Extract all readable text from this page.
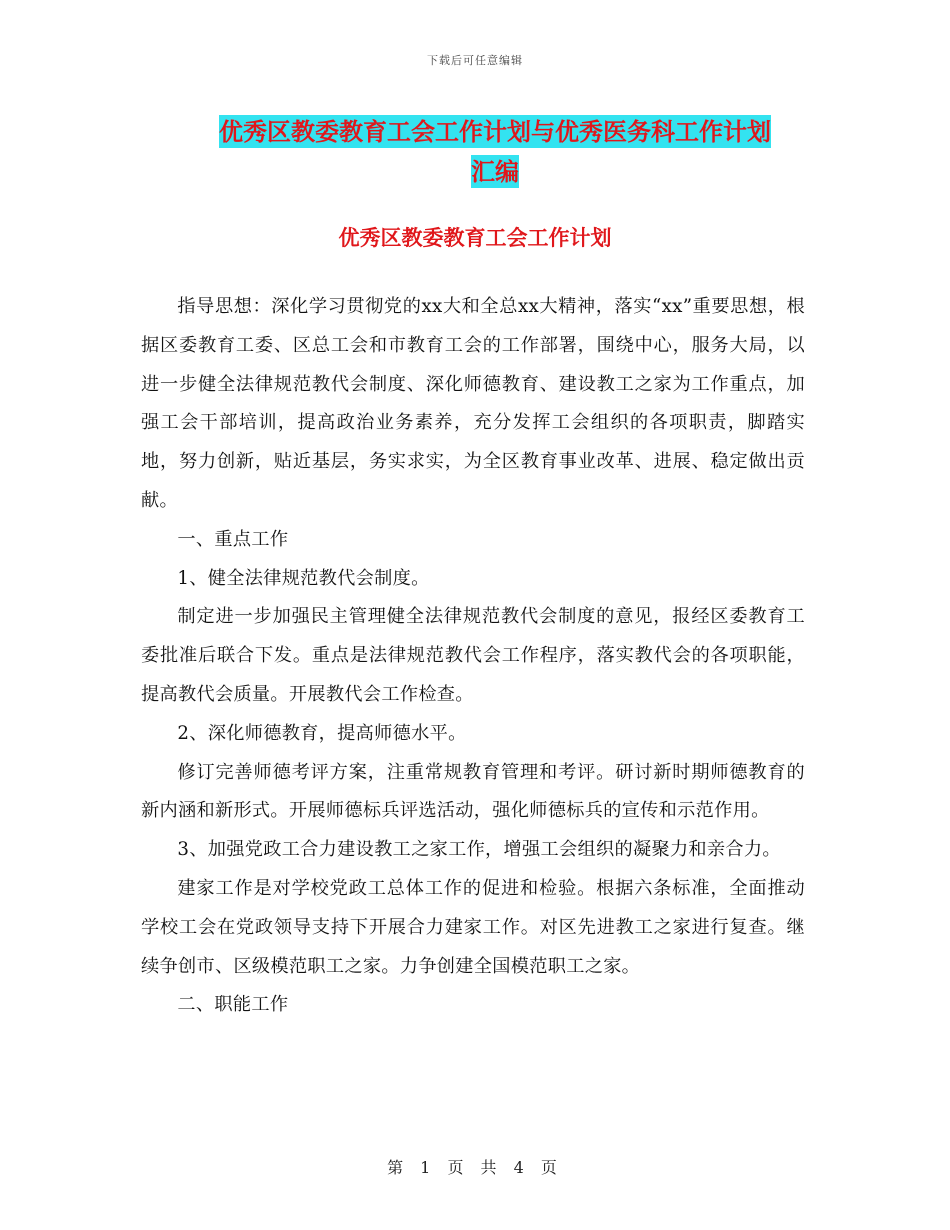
下载后可任意编辑
优秀区教委教育工会工作计划与优秀医务科工作计划
汇编
优秀区教委教育工会工作计划

指导思想：深化学习贯彻党的xx大和全总xx大精神，落实“xx”重要思想，根据区委教育工委、区总工会和市教育工会的工作部署，围绕中心，服务大局，以进一步健全法律规范教代会制度、深化师德教育、建设教工之家为工作重点，加强工会干部培训，提高政治业务素养，充分发挥工会组织的各项职责，脚踏实地，努力创新，贴近基层，务实求实，为全区教育事业改革、进展、稳定做出贡献。

一、重点工作

1、健全法律规范教代会制度。

制定进一步加强民主管理健全法律规范教代会制度的意见，报经区委教育工委批准后联合下发。重点是法律规范教代会工作程序，落实教代会的各项职能，提高教代会质量。开展教代会工作检查。

2、深化师德教育，提高师德水平。

修订完善师德考评方案，注重常规教育管理和考评。研讨新时期师德教育的新内涵和新形式。开展师德标兵评选活动，强化师德标兵的宣传和示范作用。

3、加强党政工合力建设教工之家工作，增强工会组织的凝聚力和亲合力。

建家工作是对学校党政工总体工作的促进和检验。根据六条标准，全面推动学校工会在党政领导支持下开展合力建家工作。对区先进教工之家进行复查。继续争创市、区级模范职工之家。力争创建全国模范职工之家。

二、职能工作

第 1 页 共 4 页
